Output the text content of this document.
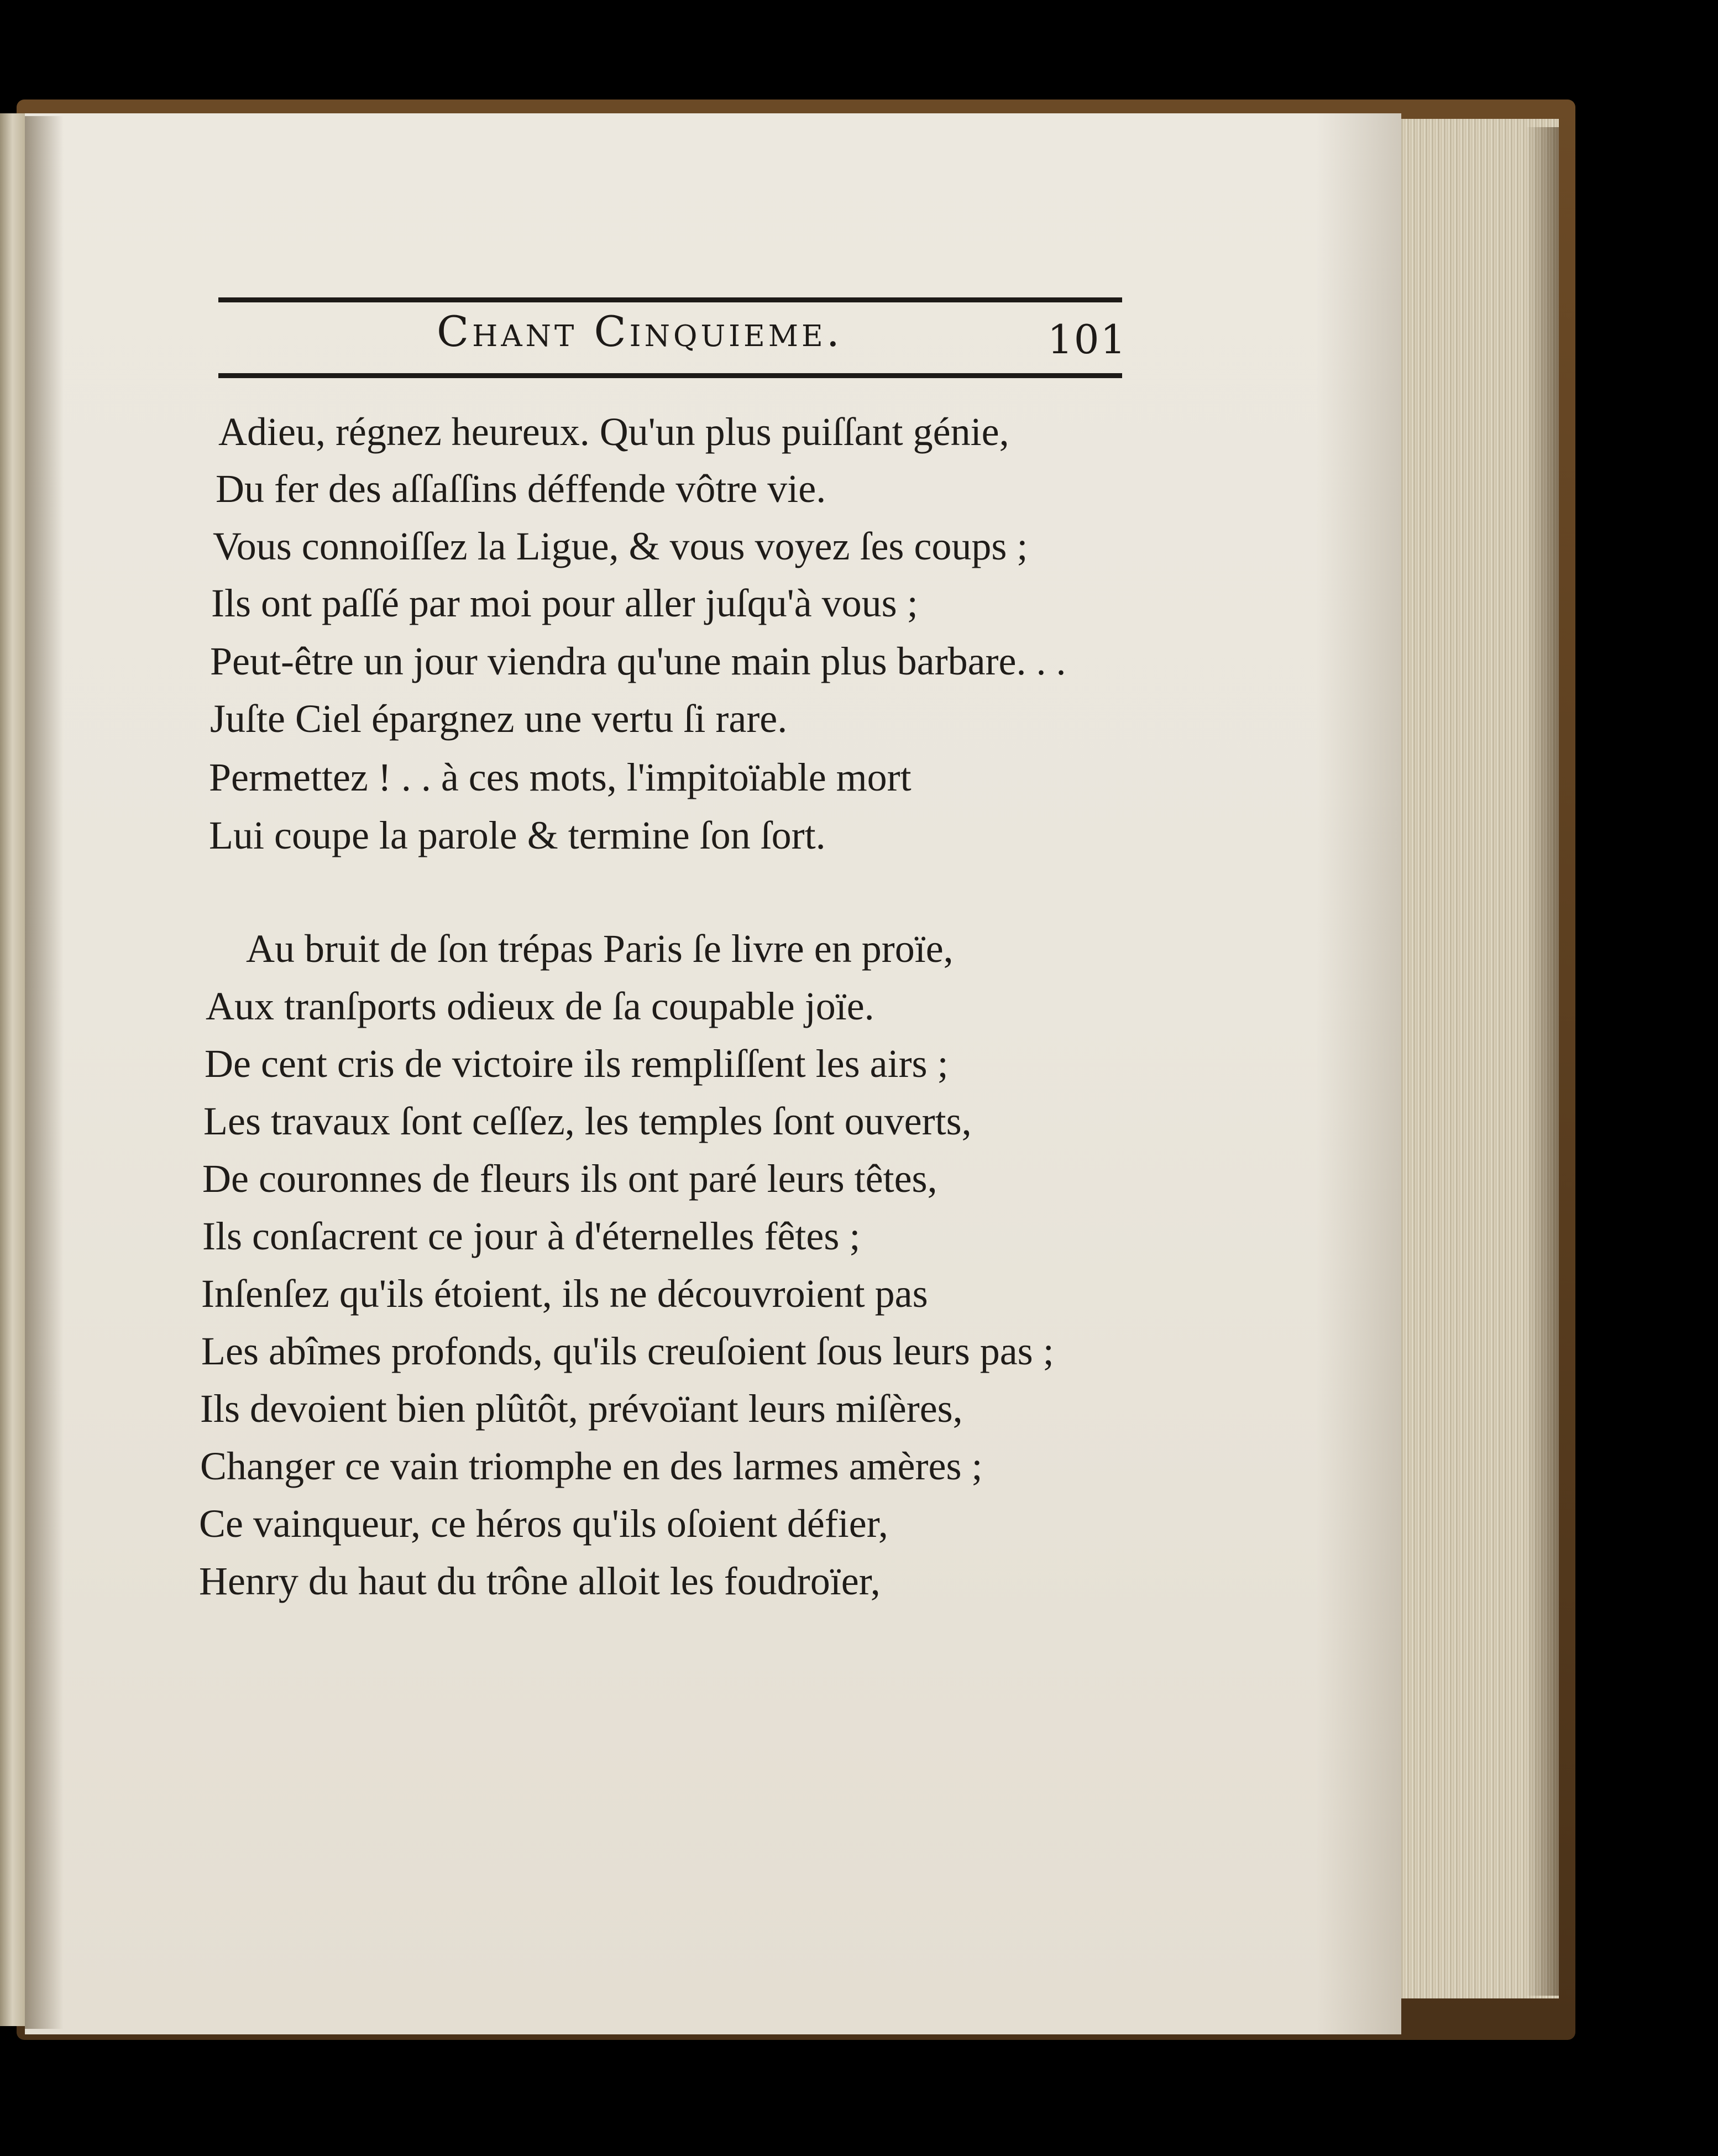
Chant Cinquieme.	101
Adieu, régnez heureux. Qu'un plus puiſſant génie,
Du fer des aſſaſſins déffende vôtre vie.
Vous connoiſſez la Ligue, & vous voyez ſes coups ;
Ils ont paſſé par moi pour aller juſqu'à vous ;
Peut-être un jour viendra qu'une main plus barbare. . .
Juſte Ciel épargnez une vertu ſi rare.
Permettez ! . . à ces mots, l'impitoïable mort
Lui coupe la parole & termine ſon ſort.
Au bruit de ſon trépas Paris ſe livre en proïe,
Aux tranſports odieux de ſa coupable joïe.
De cent cris de victoire ils rempliſſent les airs ;
Les travaux ſont ceſſez, les temples ſont ouverts,
De couronnes de fleurs ils ont paré leurs têtes,
Ils conſacrent ce jour à d'éternelles fêtes ;
Inſenſez qu'ils étoient, ils ne découvroient pas
Les abîmes profonds, qu'ils creuſoient ſous leurs pas ;
Ils devoient bien plûtôt, prévoïant leurs miſères,
Changer ce vain triomphe en des larmes amères ;
Ce vainqueur, ce héros qu'ils oſoient défier,
Henry du haut du trône alloit les foudroïer,
